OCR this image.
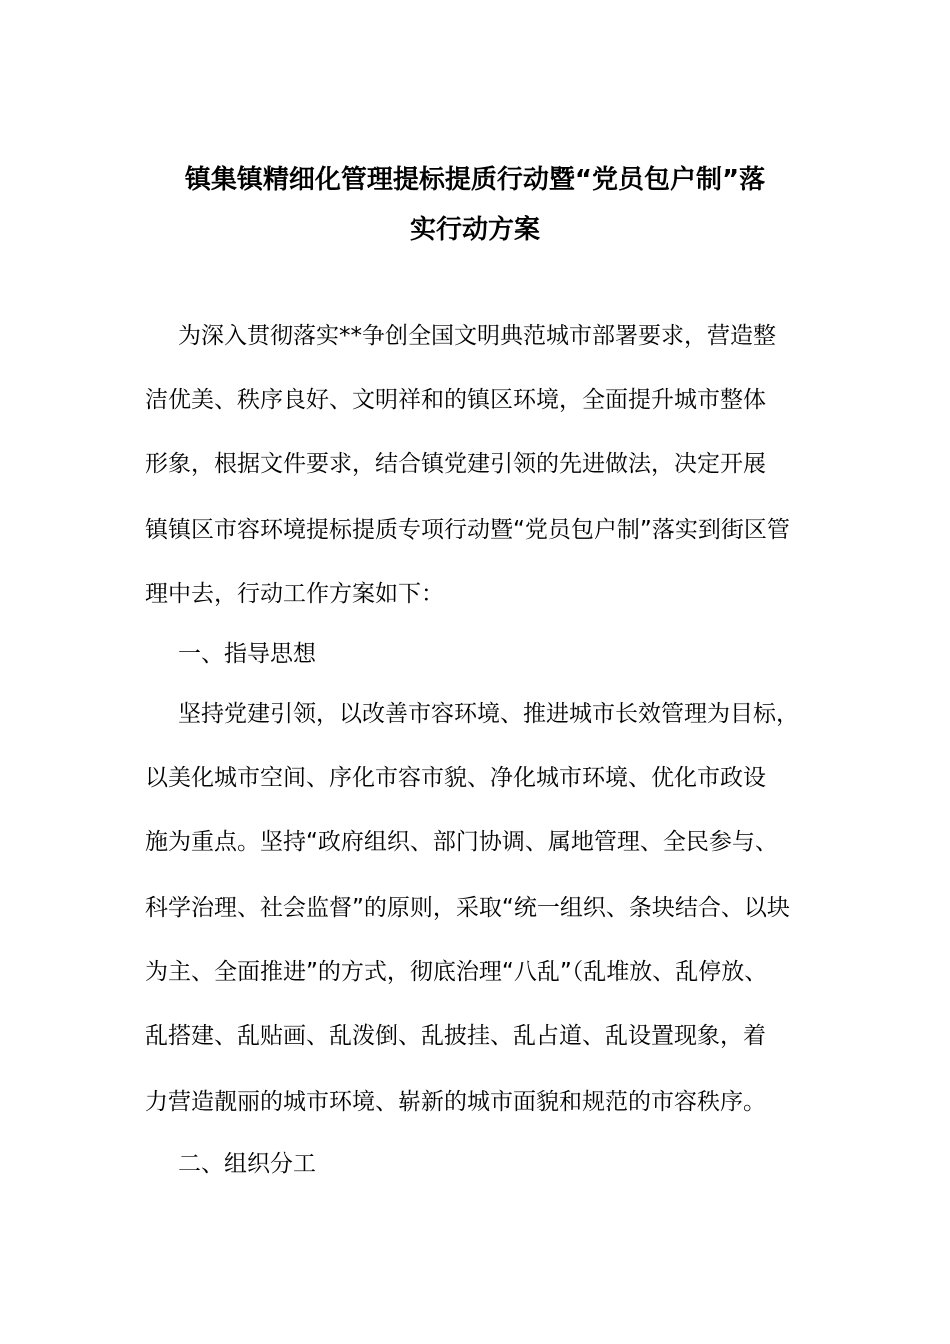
镇集镇精细化管理提标提质行动暨“党员包户制”落
实行动方案
为深入贯彻落实**争创全国文明典范城市部署要求，营造整
洁优美、秩序良好、文明祥和的镇区环境，全面提升城市整体
形象，根据文件要求，结合镇党建引领的先进做法，决定开展
镇镇区市容环境提标提质专项行动暨“党员包户制”落实到街区管
理中去，行动工作方案如下：
一、指导思想
坚持党建引领，以改善市容环境、推进城市长效管理为目标，
以美化城市空间、序化市容市貌、净化城市环境、优化市政设
施为重点。坚持“政府组织、部门协调、属地管理、全民参与、
科学治理、社会监督”的原则，采取“统一组织、条块结合、以块
为主、全面推进”的方式，彻底治理“八乱”（乱堆放、乱停放、
乱搭建、乱贴画、乱泼倒、乱披挂、乱占道、乱设置现象，着
力营造靓丽的城市环境、崭新的城市面貌和规范的市容秩序。
二、组织分工
